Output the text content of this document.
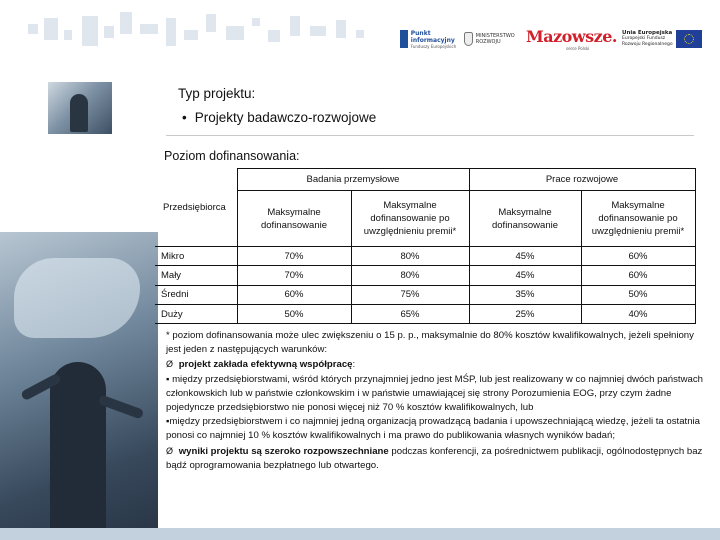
Punkt informacyjny
Funduszy Europejskich
MINISTERSTWO ROZWOJU	Mazowsze.
serce Polski
Unia Europejska
Europejski Fundusz
Rozwoju Regionalnego
Typ projektu:
• Projekty badawczo-rozwojowe
Poziom dofinansowania:
Przedsiębiorca	Badania przemysłowe		Prace rozwojowe	
	Maksymalne dofinansowanie	Maksymalne dofinansowanie po uwzględnieniu premii*	Maksymalne dofinansowanie	Maksymalne dofinansowanie po uwzględnieniu premii*
Mikro	70%	80%	45%	60%
Mały	70%	80%	45%	60%
Średni	60%	75%	35%	50%
Duży	50%	65%	25%	40%

* poziom dofinansowania może ulec zwiększeniu o 15 p. p., maksymalnie do 80% kosztów kwalifikowalnych, jeżeli spełniony jest jeden z następujących warunków:

Ø projekt zakłada efektywną współpracę:

▪ między przedsiębiorstwami, wśród których przynajmniej jedno jest MŚP, lub jest realizowany w co najmniej dwóch państwach członkowskich lub w państwie członkowskim i w państwie umawiającej się strony Porozumienia EOG, przy czym żadne pojedyncze przedsiębiorstwo nie ponosi więcej niż 70 % kosztów kwalifikowalnych, lub

▪między przedsiębiorstwem i co najmniej jedną organizacją prowadzącą badania i upowszechniającą wiedzę, jeżeli ta ostatnia ponosi co najmniej 10 % kosztów kwalifikowalnych i ma prawo do publikowania własnych wyników badań;

Ø wyniki projektu są szeroko rozpowszechniane podczas konferencji, za pośrednictwem publikacji, ogólnodostępnych baz bądź oprogramowania bezpłatnego lub otwartego.
